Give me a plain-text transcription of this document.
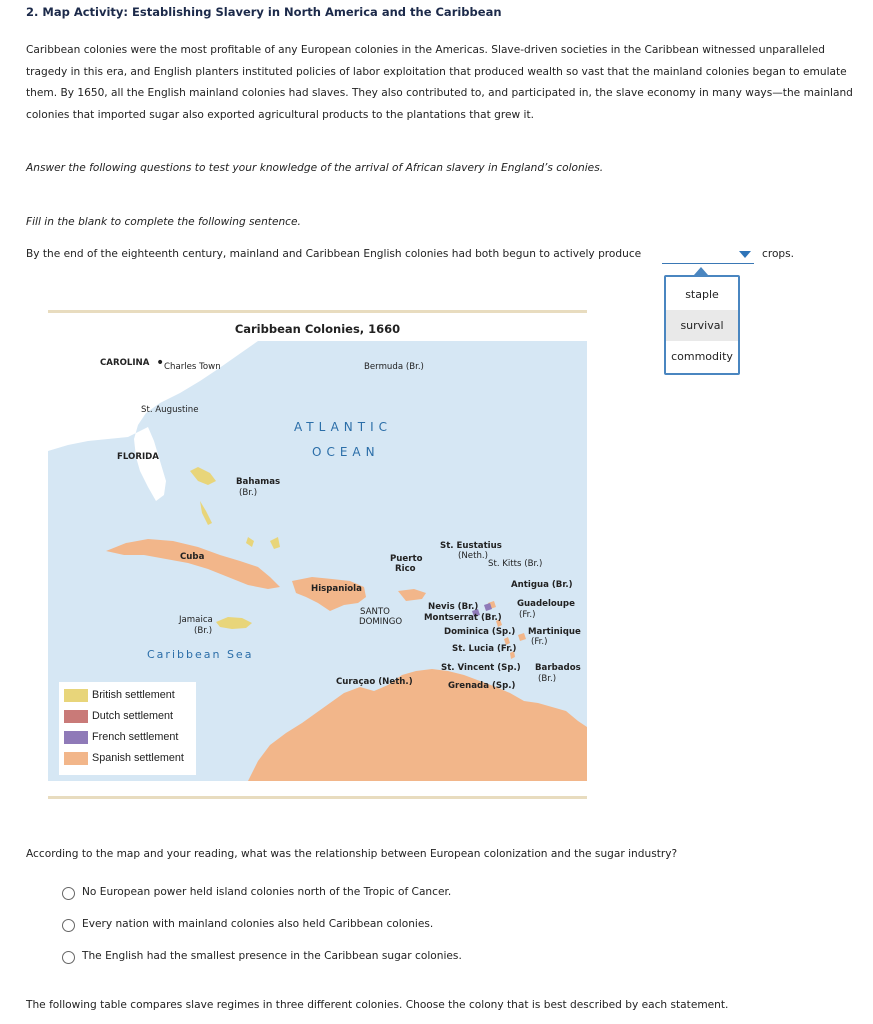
2. Map Activity: Establishing Slavery in North America and the Caribbean
Caribbean colonies were the most profitable of any European colonies in the Americas. Slave-driven societies in the Caribbean witnessed unparalleled tragedy in this era, and English planters instituted policies of labor exploitation that produced wealth so vast that the mainland colonies began to emulate them. By 1650, all the English mainland colonies had slaves. They also contributed to, and participated in, the slave economy in many ways—the mainland colonies that imported sugar also exported agricultural products to the plantations that grew it.
Answer the following questions to test your knowledge of the arrival of African slavery in England’s colonies.
Fill in the blank to complete the following sentence.
By the end of the eighteenth century, mainland and Caribbean English colonies had both begun to actively produce	crops.
staple
survival
commodity
Caribbean Colonies, 1660
CAROLINA • Charles Town	Bermuda (Br.)
St. Augustine
ATLANTIC
OCEAN
FLORIDA
Bahamas
(Br.)
St. Eustatius
(Neth.)
Cuba	Puerto	St. Kitts (Br.)
Rico
Antigua (Br.)
Hispaniola
Guadeloupe
Nevis (Br.)
SANTO	(Fr.)
Montserrat (Br.)
Jamaica	DOMINGO
(Br.)	Dominica (Sp.) Martinique
(Fr.)
St. Lucia (Fr.)
Caribbean Sea
St. Vincent (Sp.) Barbados
(Br.)
Curaçao (Neth.)	Grenada (Sp.)
British settlement
Dutch settlement
French settlement
Spanish settlement
According to the map and your reading, what was the relationship between European colonization and the sugar industry?
No European power held island colonies north of the Tropic of Cancer.
Every nation with mainland colonies also held Caribbean colonies.
The English had the smallest presence in the Caribbean sugar colonies.
The following table compares slave regimes in three different colonies. Choose the colony that is best described by each statement.
